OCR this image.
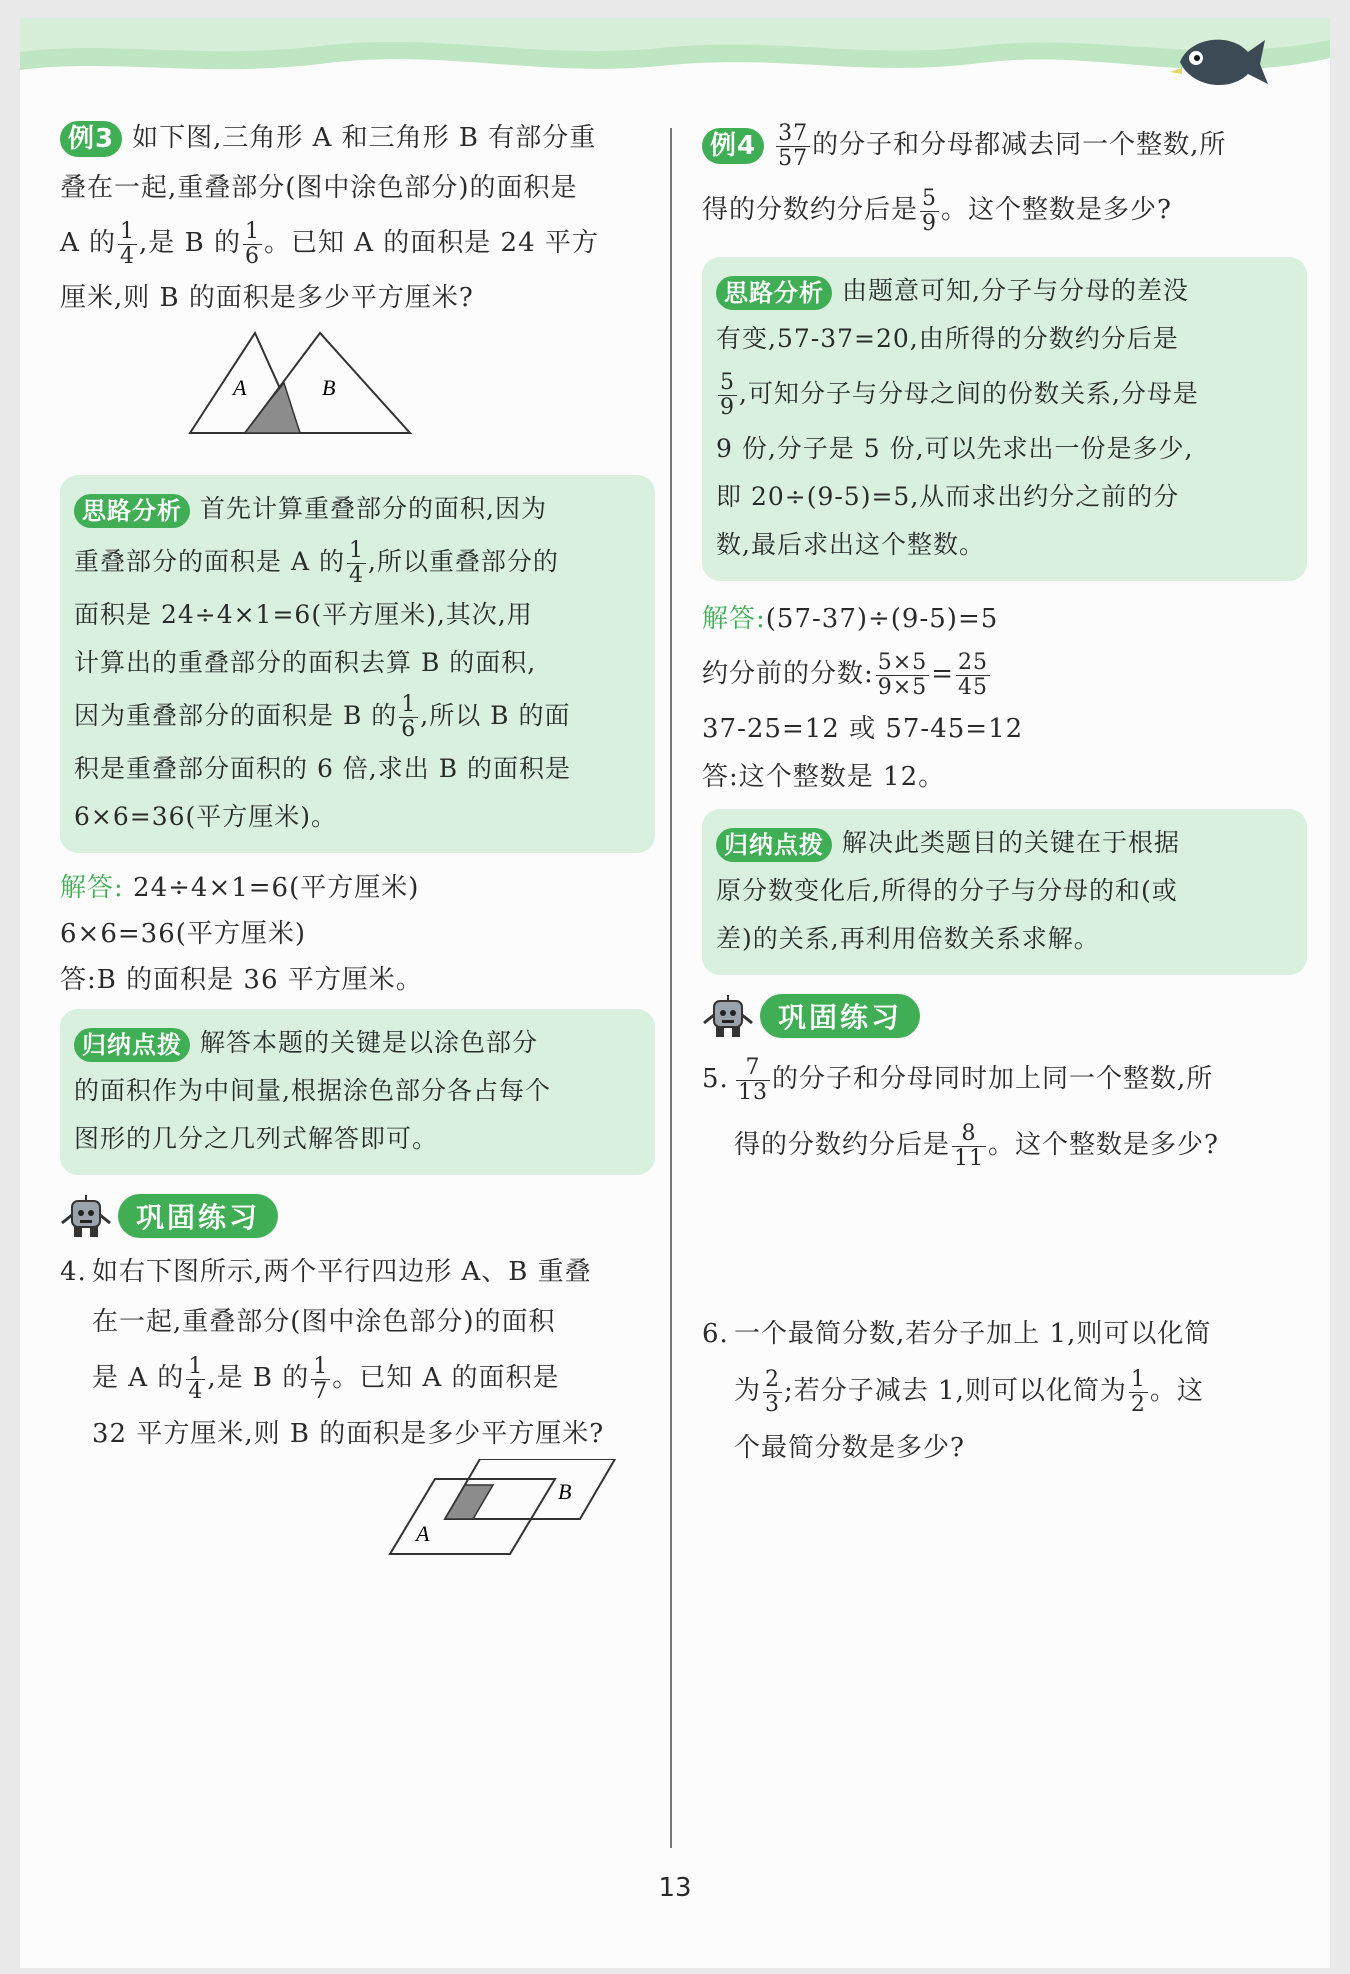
例3 如下图,三角形 A 和三角形 B 有部分重

叠在一起,重叠部分(图中涂色部分)的面积是

A 的 $\frac{1}{4}$ ,是 B 的 $\frac{1}{6}$ 。已知 A 的面积是 24 平方

厘米,则 B 的面积是多少平方厘米?

A	B

思路分析 首先计算重叠部分的面积,因为

重叠部分的面积是 A 的 $\frac{1}{4}$ ,所以重叠部分的

面积是 24÷4×1=6(平方厘米),其次,用

计算出的重叠部分的面积去算 B 的面积,

因为重叠部分的面积是 B 的 $\frac{1}{6}$ ,所以 B 的面

积是重叠部分面积的 6 倍,求出 B 的面积是

6×6=36(平方厘米)。

解答: 24÷4×1=6(平方厘米)

6×6=36(平方厘米)

答:B 的面积是 36 平方厘米。

归纳点拨 解答本题的关键是以涂色部分

的面积作为中间量,根据涂色部分各占每个

图形的几分之几列式解答即可。

巩固练习

4. 如右下图所示,两个平行四边形 A、B 重叠

在一起,重叠部分(图中涂色部分)的面积

是 A 的 $\frac{1}{4}$ ,是 B 的 $\frac{1}{7}$ 。已知 A 的面积是

32 平方厘米,则 B 的面积是多少平方厘米?

A
B

例$4 \frac{37}{57}$ 的分子和分母都减去同一个整数,所

得的分数约分后是 $\frac{5}{9}$ 。这个整数是多少?

思路分析 由题意可知,分子与分母的差没

有变,57-37=20,由所得的分数约分后是

$\frac{5}{9}$ ,可知分子与分母之间的份数关系,分母是

9 份,分子是 5 份,可以先求出一份是多少,

即 20÷(9-5)=5,从而求出约分之前的分

数,最后求出这个整数。

解答:(57-37)÷(9-5)=5

约分前的分数: $\frac{5\times 5}{9\times 5} = \frac{25}{45}$

37-25=12 或 57-45=12

答:这个整数是 12。

归纳点拨 解决此类题目的关键在于根据

原分数变化后,所得的分子与分母的和(或

差)的关系,再利用倍数关系求解。

巩固练习

5. $\frac{7}{13}$ 的分子和分母同时加上同一个整数,所

得的分数约分后是 $\frac{8}{11}$ 。这个整数是多少?

6. 一个最简分数,若分子加上 1,则可以化简

为 $\frac{2}{3}$ ;若分子减去 1,则可以化简为 $\frac{1}{2}$ 。这

个最简分数是多少?

13
